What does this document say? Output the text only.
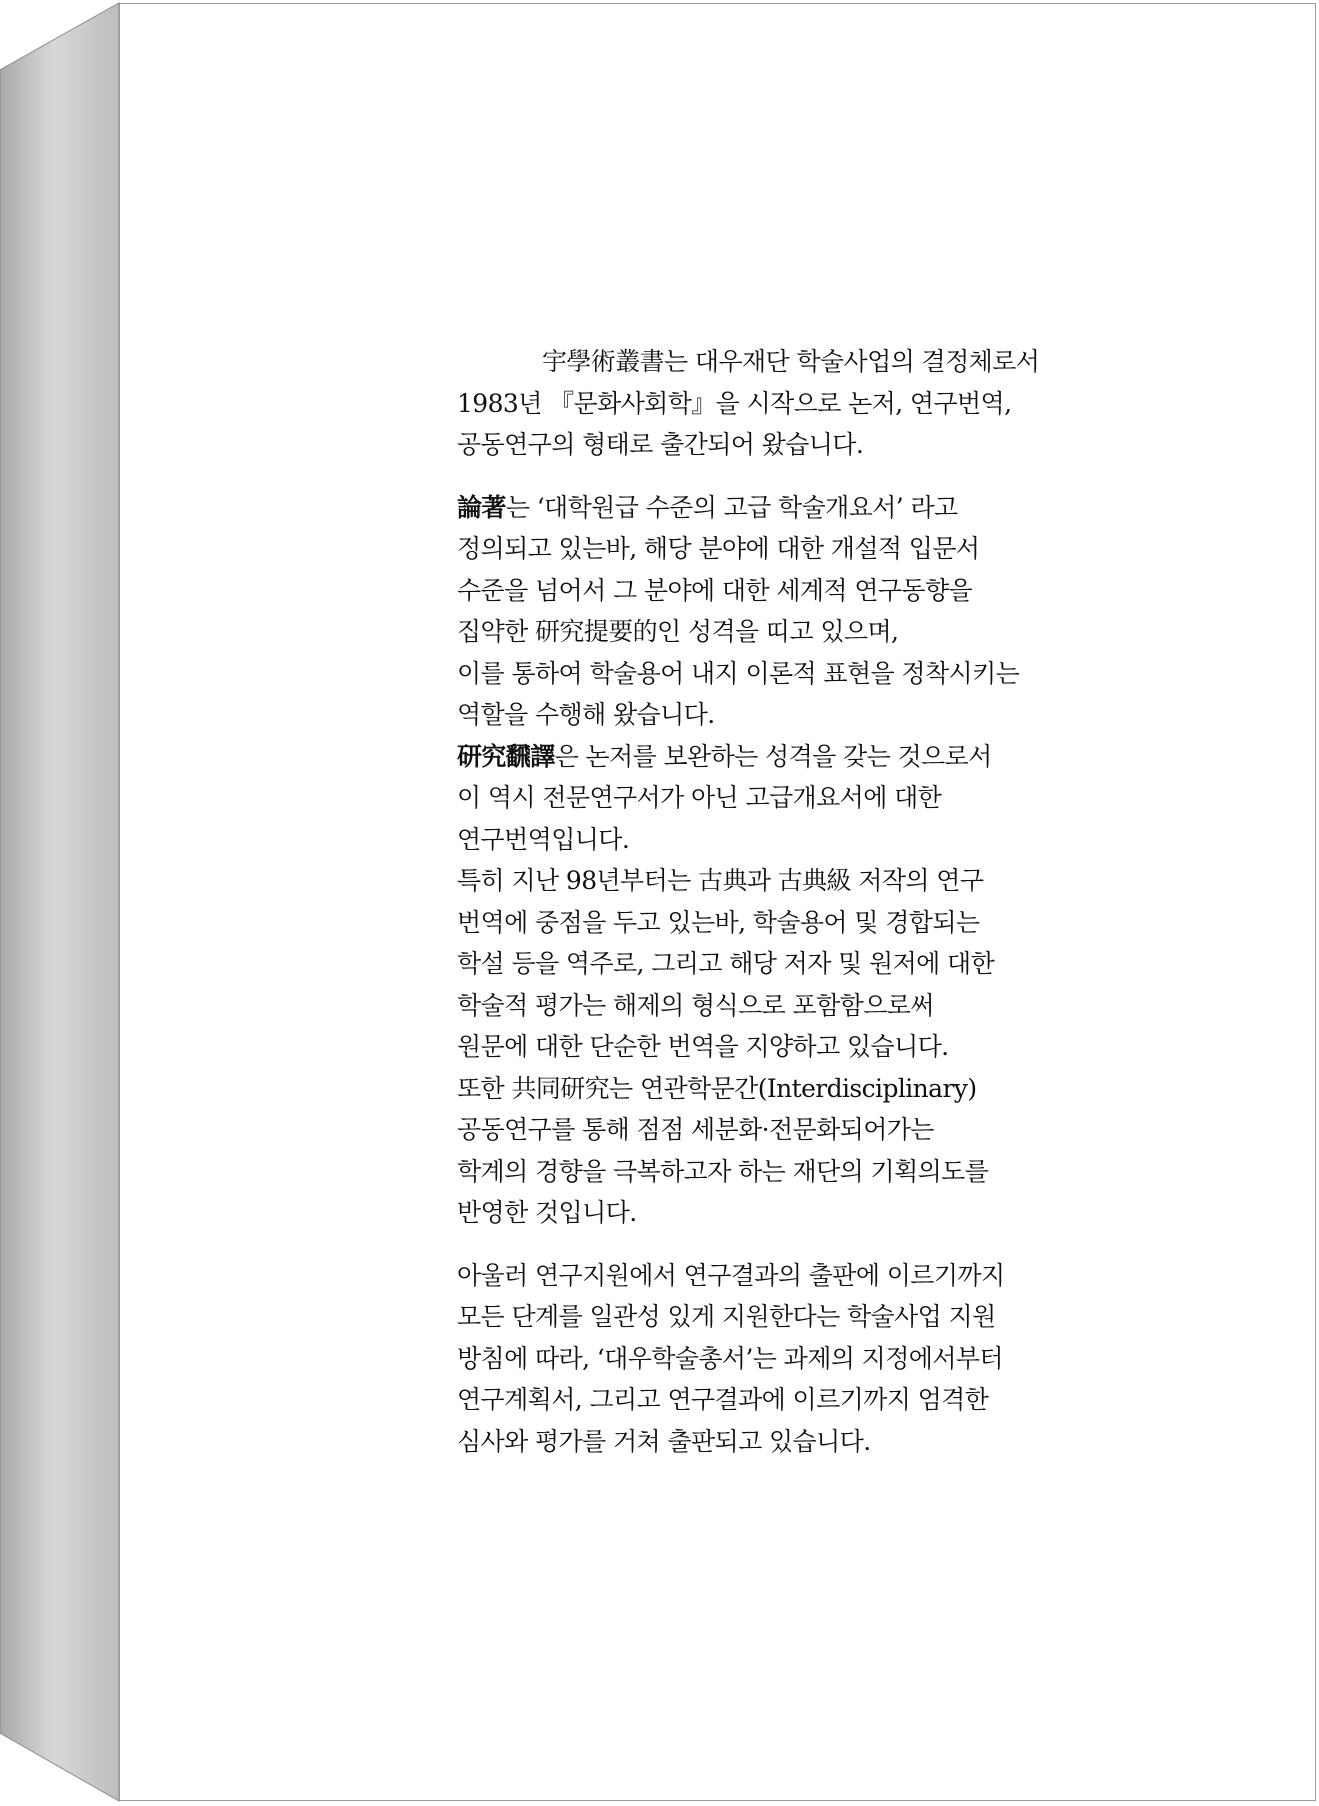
宇學術叢書는 대우재단 학술사업의 결정체로서
1983년 『문화사회학』을 시작으로 논저, 연구번역,
공동연구의 형태로 출간되어 왔습니다.

論著는 ‘대학원급 수준의 고급 학술개요서’ 라고
정의되고 있는바, 해당 분야에 대한 개설적 입문서
수준을 넘어서 그 분야에 대한 세계적 연구동향을
집약한 研究提要的인 성격을 띠고 있으며,
이를 통하여 학술용어 내지 이론적 표현을 정착시키는
역할을 수행해 왔습니다.
研究飜譯은 논저를 보완하는 성격을 갖는 것으로서
이 역시 전문연구서가 아닌 고급개요서에 대한
연구번역입니다.
특히 지난 98년부터는 古典과 古典級 저작의 연구
번역에 중점을 두고 있는바, 학술용어 및 경합되는
학설 등을 역주로, 그리고 해당 저자 및 원저에 대한
학술적 평가는 해제의 형식으로 포함함으로써
원문에 대한 단순한 번역을 지양하고 있습니다.
또한 共同研究는 연관학문간(Interdisciplinary)
공동연구를 통해 점점 세분화·전문화되어가는
학계의 경향을 극복하고자 하는 재단의 기획의도를
반영한 것입니다.

아울러 연구지원에서 연구결과의 출판에 이르기까지
모든 단계를 일관성 있게 지원한다는 학술사업 지원
방침에 따라, ‘대우학술총서’는 과제의 지정에서부터
연구계획서, 그리고 연구결과에 이르기까지 엄격한
심사와 평가를 거쳐 출판되고 있습니다.
